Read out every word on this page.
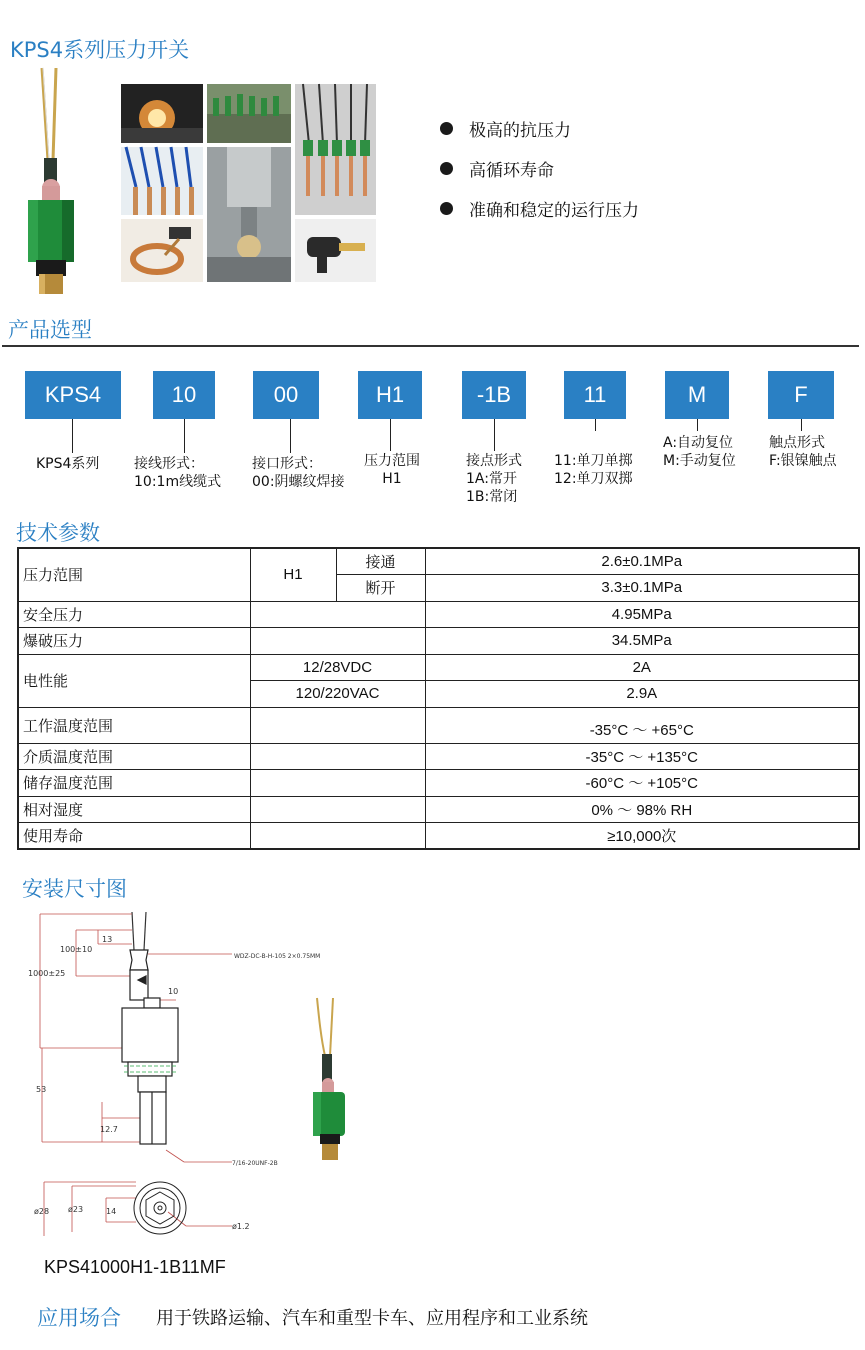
KPS4系列压力开关
极高的抗压力
高循环寿命
准确和稳定的运行压力
产品选型
KPS4	10	00	H1	-1B	11	M	F
KPS4系列 接线形式：
10:1m线缆式
接口形式：
00:阴螺纹焊接
压力范围
H1
接点形式
1A:常开
1B:常闭
11:单刀单掷
12:单刀双掷
A:自动复位
M:手动复位
触点形式
F:银镍触点
技术参数
压力范围	H1	接通	2.6±0.1MPa
		断开	3.3±0.1MPa
安全压力			4.95MPa
爆破压力			34.5MPa
电性能	12/28VDC		2A
	120/220VAC		2.9A
工作温度范围			-35°C ～ +65°C
介质温度范围			-35°C ～ +135°C
储存温度范围			-60°C ～ +105°C
相对湿度			0% ～ 98% RH
使用寿命			≥10,000次
安装尺寸图
13
100±10
1000±25
WDZ-DC-B-H-105 2×0.75MM
10
53
12.7
7/16-20UNF-2B
ø28 ø23	14
ø1.2
KPS41000H1-1B11MF
应用场合 用于铁路运输、汽车和重型卡车、应用程序和工业系统
